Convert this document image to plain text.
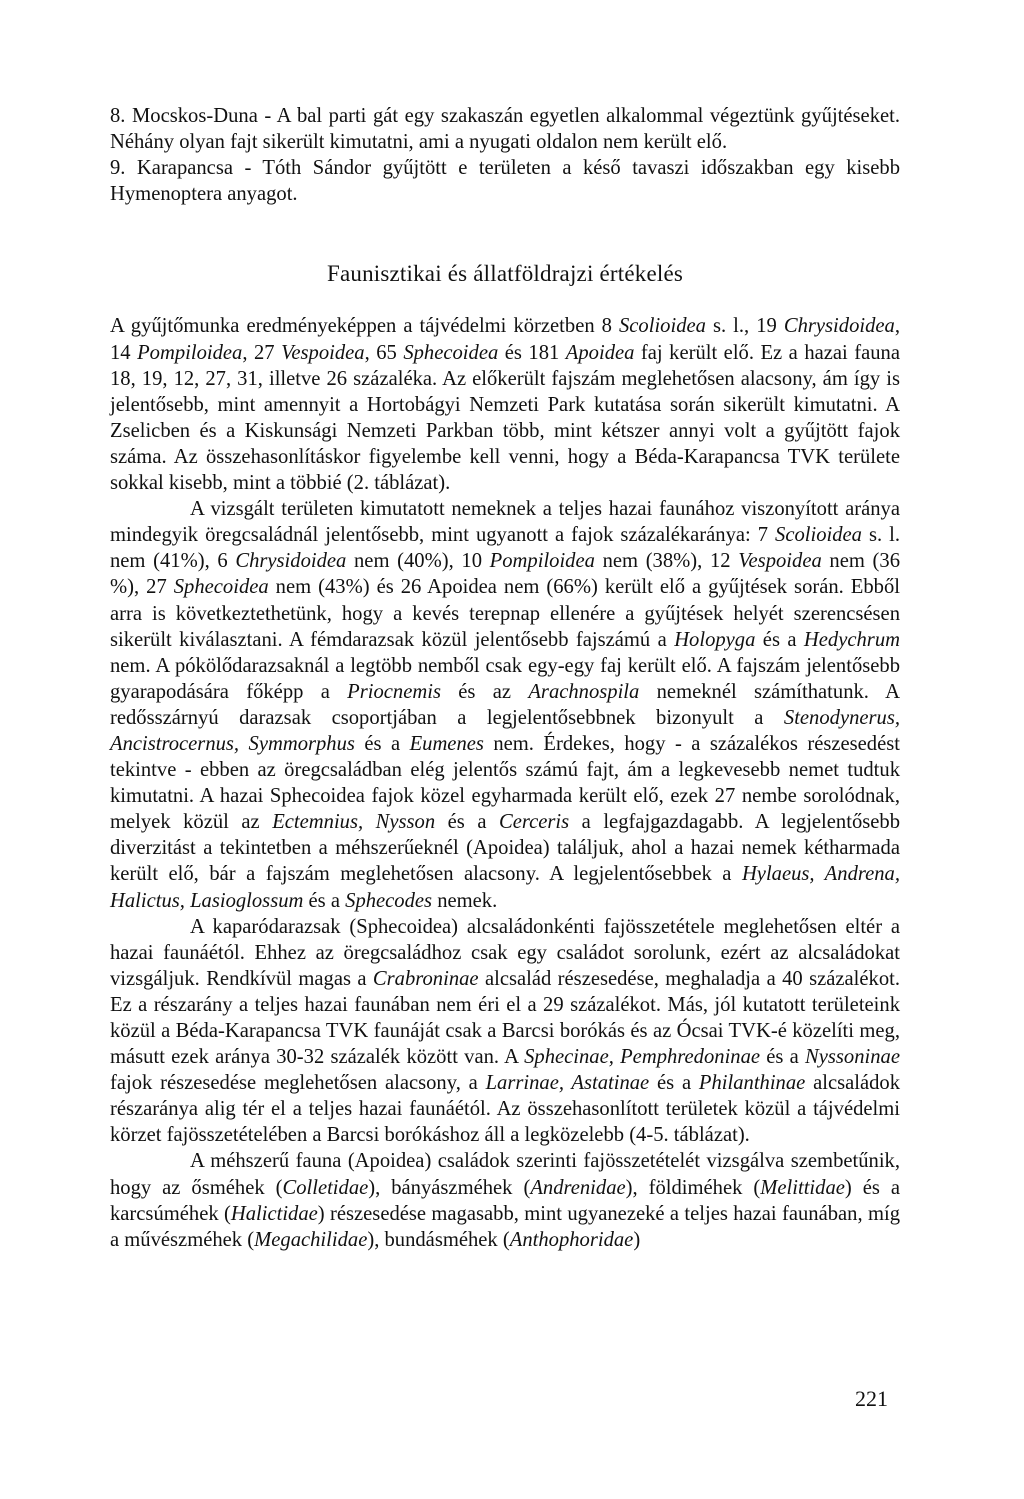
8. Mocskos-Duna - A bal parti gát egy szakaszán egyetlen alkalommal végeztünk gyűjtéseket. Néhány olyan fajt sikerült kimutatni, ami a nyugati oldalon nem került elő.

9. Karapancsa - Tóth Sándor gyűjtött e területen a késő tavaszi időszakban egy kisebb Hymenoptera anyagot.

Faunisztikai és állatföldrajzi értékelés

A gyűjtőmunka eredményeképpen a tájvédelmi körzetben 8 Scolioidea s. l., 19 Chrysidoidea, 14 Pompiloidea, 27 Vespoidea, 65 Sphecoidea és 181 Apoidea faj került elő. Ez a hazai fauna 18, 19, 12, 27, 31, illetve 26 százaléka. Az előkerült fajszám meglehetősen alacsony, ám így is jelentősebb, mint amennyit a Hortobágyi Nemzeti Park kutatása során sikerült kimutatni. A Zselicben és a Kiskunsági Nemzeti Parkban több, mint kétszer annyi volt a gyűjtött fajok száma. Az összehasonlításkor figyelembe kell venni, hogy a Béda-Karapancsa TVK területe sokkal kisebb, mint a többié (2. táblázat).

A vizsgált területen kimutatott nemeknek a teljes hazai faunához viszonyított aránya mindegyik öregcsaládnál jelentősebb, mint ugyanott a fajok százalékaránya: 7 Scolioidea s. l. nem (41%), 6 Chrysidoidea nem (40%), 10 Pompiloidea nem (38%), 12 Vespoidea nem (36 %), 27 Sphecoidea nem (43%) és 26 Apoidea nem (66%) került elő a gyűjtések során. Ebből arra is következtethetünk, hogy a kevés terepnap ellenére a gyűjtések helyét szerencsésen sikerült kiválasztani. A fémdarazsak közül jelentősebb fajszámú a Holopyga és a Hedychrum nem. A pókölődarazsaknál a legtöbb nemből csak egy-egy faj került elő. A fajszám jelentősebb gyarapodására főképp a Priocnemis és az Arachnospila nemeknél számíthatunk. A redősszárnyú darazsak csoportjában a legjelentősebbnek bizonyult a Stenodynerus, Ancistrocernus, Symmorphus és a Eumenes nem. Érdekes, hogy - a százalékos részesedést tekintve - ebben az öregcsaládban elég jelentős számú fajt, ám a legkevesebb nemet tudtuk kimutatni. A hazai Sphecoidea fajok közel egyharmada került elő, ezek 27 nembe sorolódnak, melyek közül az Ectemnius, Nysson és a Cerceris a legfajgazdagabb. A legjelentősebb diverzitást a tekintetben a méhszerűeknél (Apoidea) találjuk, ahol a hazai nemek kétharmada került elő, bár a fajszám meglehetősen alacsony. A legjelentősebbek a Hylaeus, Andrena, Halictus, Lasioglossum és a Sphecodes nemek.

A kaparódarazsak (Sphecoidea) alcsaládonkénti fajösszetétele meglehetősen eltér a hazai faunáétól. Ehhez az öregcsaládhoz csak egy családot sorolunk, ezért az alcsaládokat vizsgáljuk. Rendkívül magas a Crabroninae alcsalád részesedése, meghaladja a 40 százalékot. Ez a részarány a teljes hazai faunában nem éri el a 29 százalékot. Más, jól kutatott területeink közül a Béda-Karapancsa TVK faunáját csak a Barcsi borókás és az Ócsai TVK-é közelíti meg, másutt ezek aránya 30-32 százalék között van. A Sphecinae, Pemphredoninae és a Nyssoninae fajok részesedése meglehetősen alacsony, a Larrinae, Astatinae és a Philanthinae alcsaládok részaránya alig tér el a teljes hazai faunáétól. Az összehasonlított területek közül a tájvédelmi körzet fajösszetételében a Barcsi borókáshoz áll a legközelebb (4-5. táblázat).

A méhszerű fauna (Apoidea) családok szerinti fajösszetételét vizsgálva szembetűnik, hogy az ősméhek (Colletidae), bányászméhek (Andrenidae), földiméhek (Melittidae) és a karcsúméhek (Halictidae) részesedése magasabb, mint ugyanezeké a teljes hazai faunában, míg a művészméhek (Megachilidae), bundásméhek (Anthophoridae)

221
